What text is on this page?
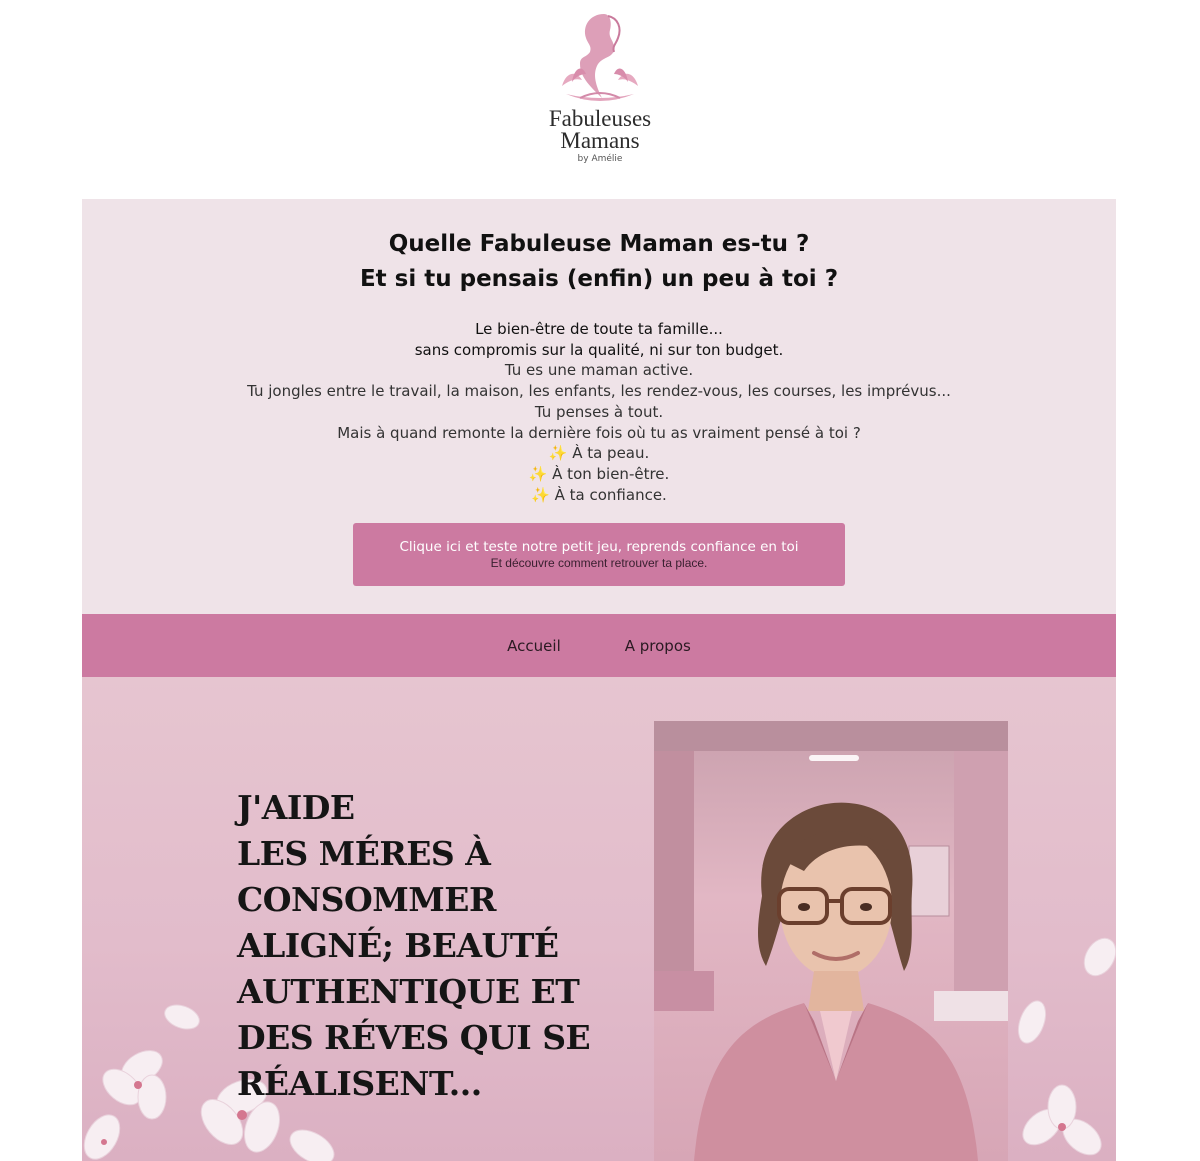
Fabuleuses
Mamans
by Amélie
Quelle Fabuleuse Maman es-tu ?
Et si tu pensais (enfin) un peu à toi ?
Le bien-être de toute ta famille...
sans compromis sur la qualité, ni sur ton budget.
Tu es une maman active.
Tu jongles entre le travail, la maison, les enfants, les rendez-vous, les courses, les imprévus...
Tu penses à tout.
Mais à quand remonte la dernière fois où tu as vraiment pensé à toi ?
✨ À ta peau.
✨ À ton bien-être.
✨ À ta confiance.
Clique ici et teste notre petit jeu, reprends confiance en toi
Et découvre comment retrouver ta place.
Accueil	A propos
J'AIDE
LES MÉRES À
CONSOMMER
ALIGNÉ; BEAUTÉ
AUTHENTIQUE ET
DES RÉVES QUI SE
RÉALISENT...
